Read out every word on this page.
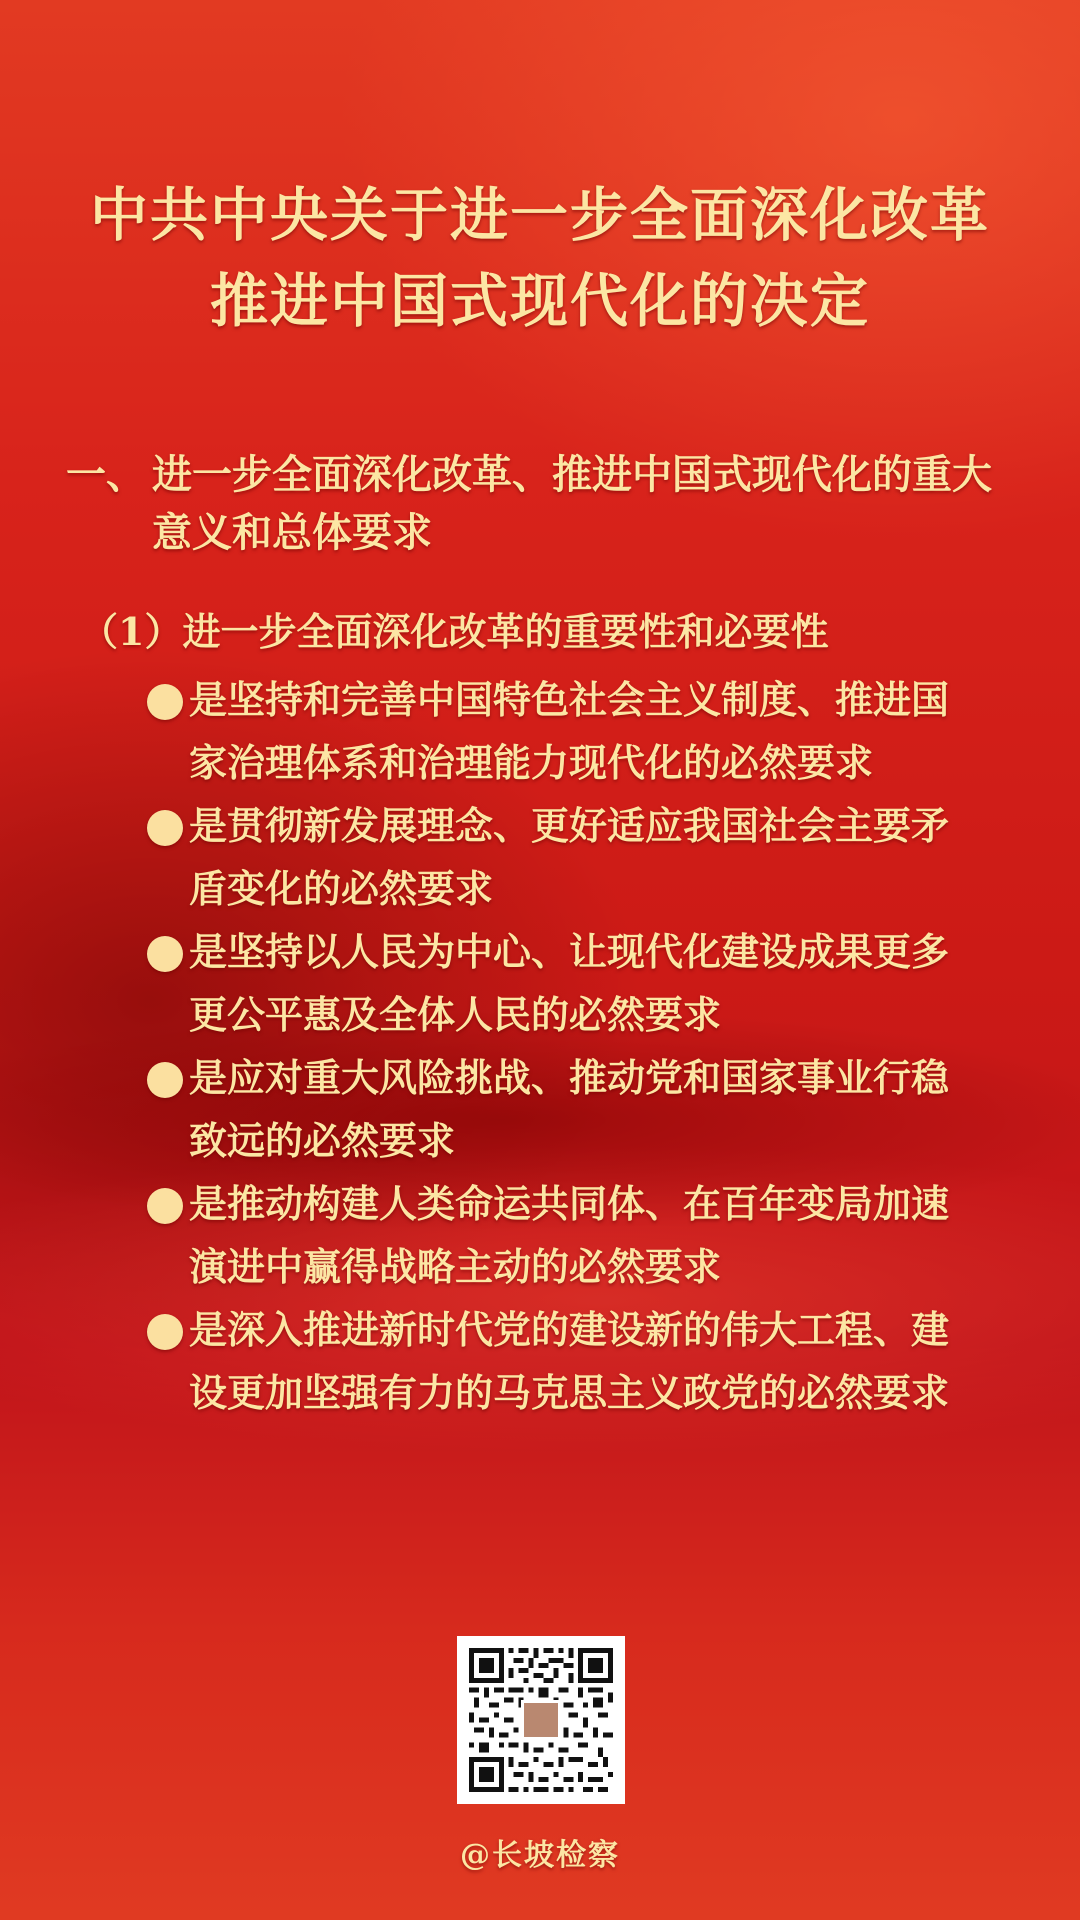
中共中央关于进一步全面深化改革
推进中国式现代化的决定
一、 进一步全面深化改革、推进中国式现代化的重大意义和总体要求
（1）进一步全面深化改革的重要性和必要性
是坚持和完善中国特色社会主义制度、推进国家治理体系和治理能力现代化的必然要求
是贯彻新发展理念、更好适应我国社会主要矛盾变化的必然要求
是坚持以人民为中心、让现代化建设成果更多更公平惠及全体人民的必然要求
是应对重大风险挑战、推动党和国家事业行稳致远的必然要求
是推动构建人类命运共同体、在百年变局加速演进中赢得战略主动的必然要求
是深入推进新时代党的建设新的伟大工程、建设更加坚强有力的马克思主义政党的必然要求
@长坡检察
